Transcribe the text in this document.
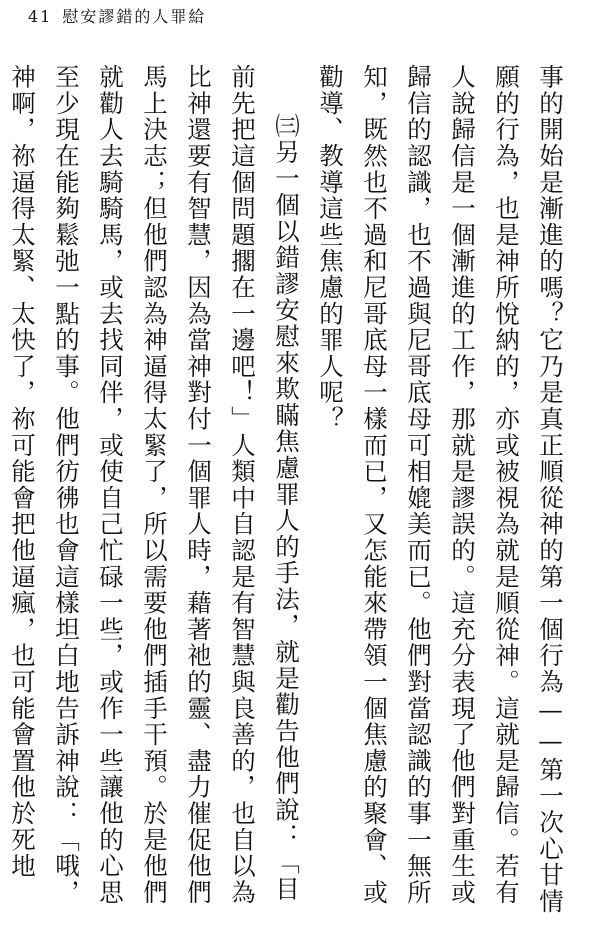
41 慰安謬錯的人罪給

事的開始是漸進的嗎？它乃是真正順從神的第一個行為——第一次心甘情願的行為，也是神所悅納的，亦或被視為就是順從神。這就是歸信。若有人說歸信是一個漸進的工作，那就是謬誤的。這充分表現了他們對重生或歸信的認識，也不過與尼哥底母可相媲美而已。他們對當認識的事一無所知，既然也不過和尼哥底母一樣而已，又怎能來帶領一個焦慮的聚會、或勸導、教導這些焦慮的罪人呢？

㈢另一個以錯謬安慰來欺瞞焦慮罪人的手法，就是勸告他們說：「目前先把這個問題擱在一邊吧！」人類中自認是有智慧與良善的，也自以為比神還要有智慧，因為當神對付一個罪人時，藉著祂的靈、盡力催促他們馬上決志；但他們認為神逼得太緊了，所以需要他們插手干預。於是他們就勸人去騎騎馬，或去找同伴，或使自己忙碌一些，或作一些讓他的心思至少現在能夠鬆弛一點的事。他們彷彿也會這樣坦白地告訴神說：「哦，神啊，祢逼得太緊、太快了，祢可能會把他逼瘋，也可能會置他於死地
